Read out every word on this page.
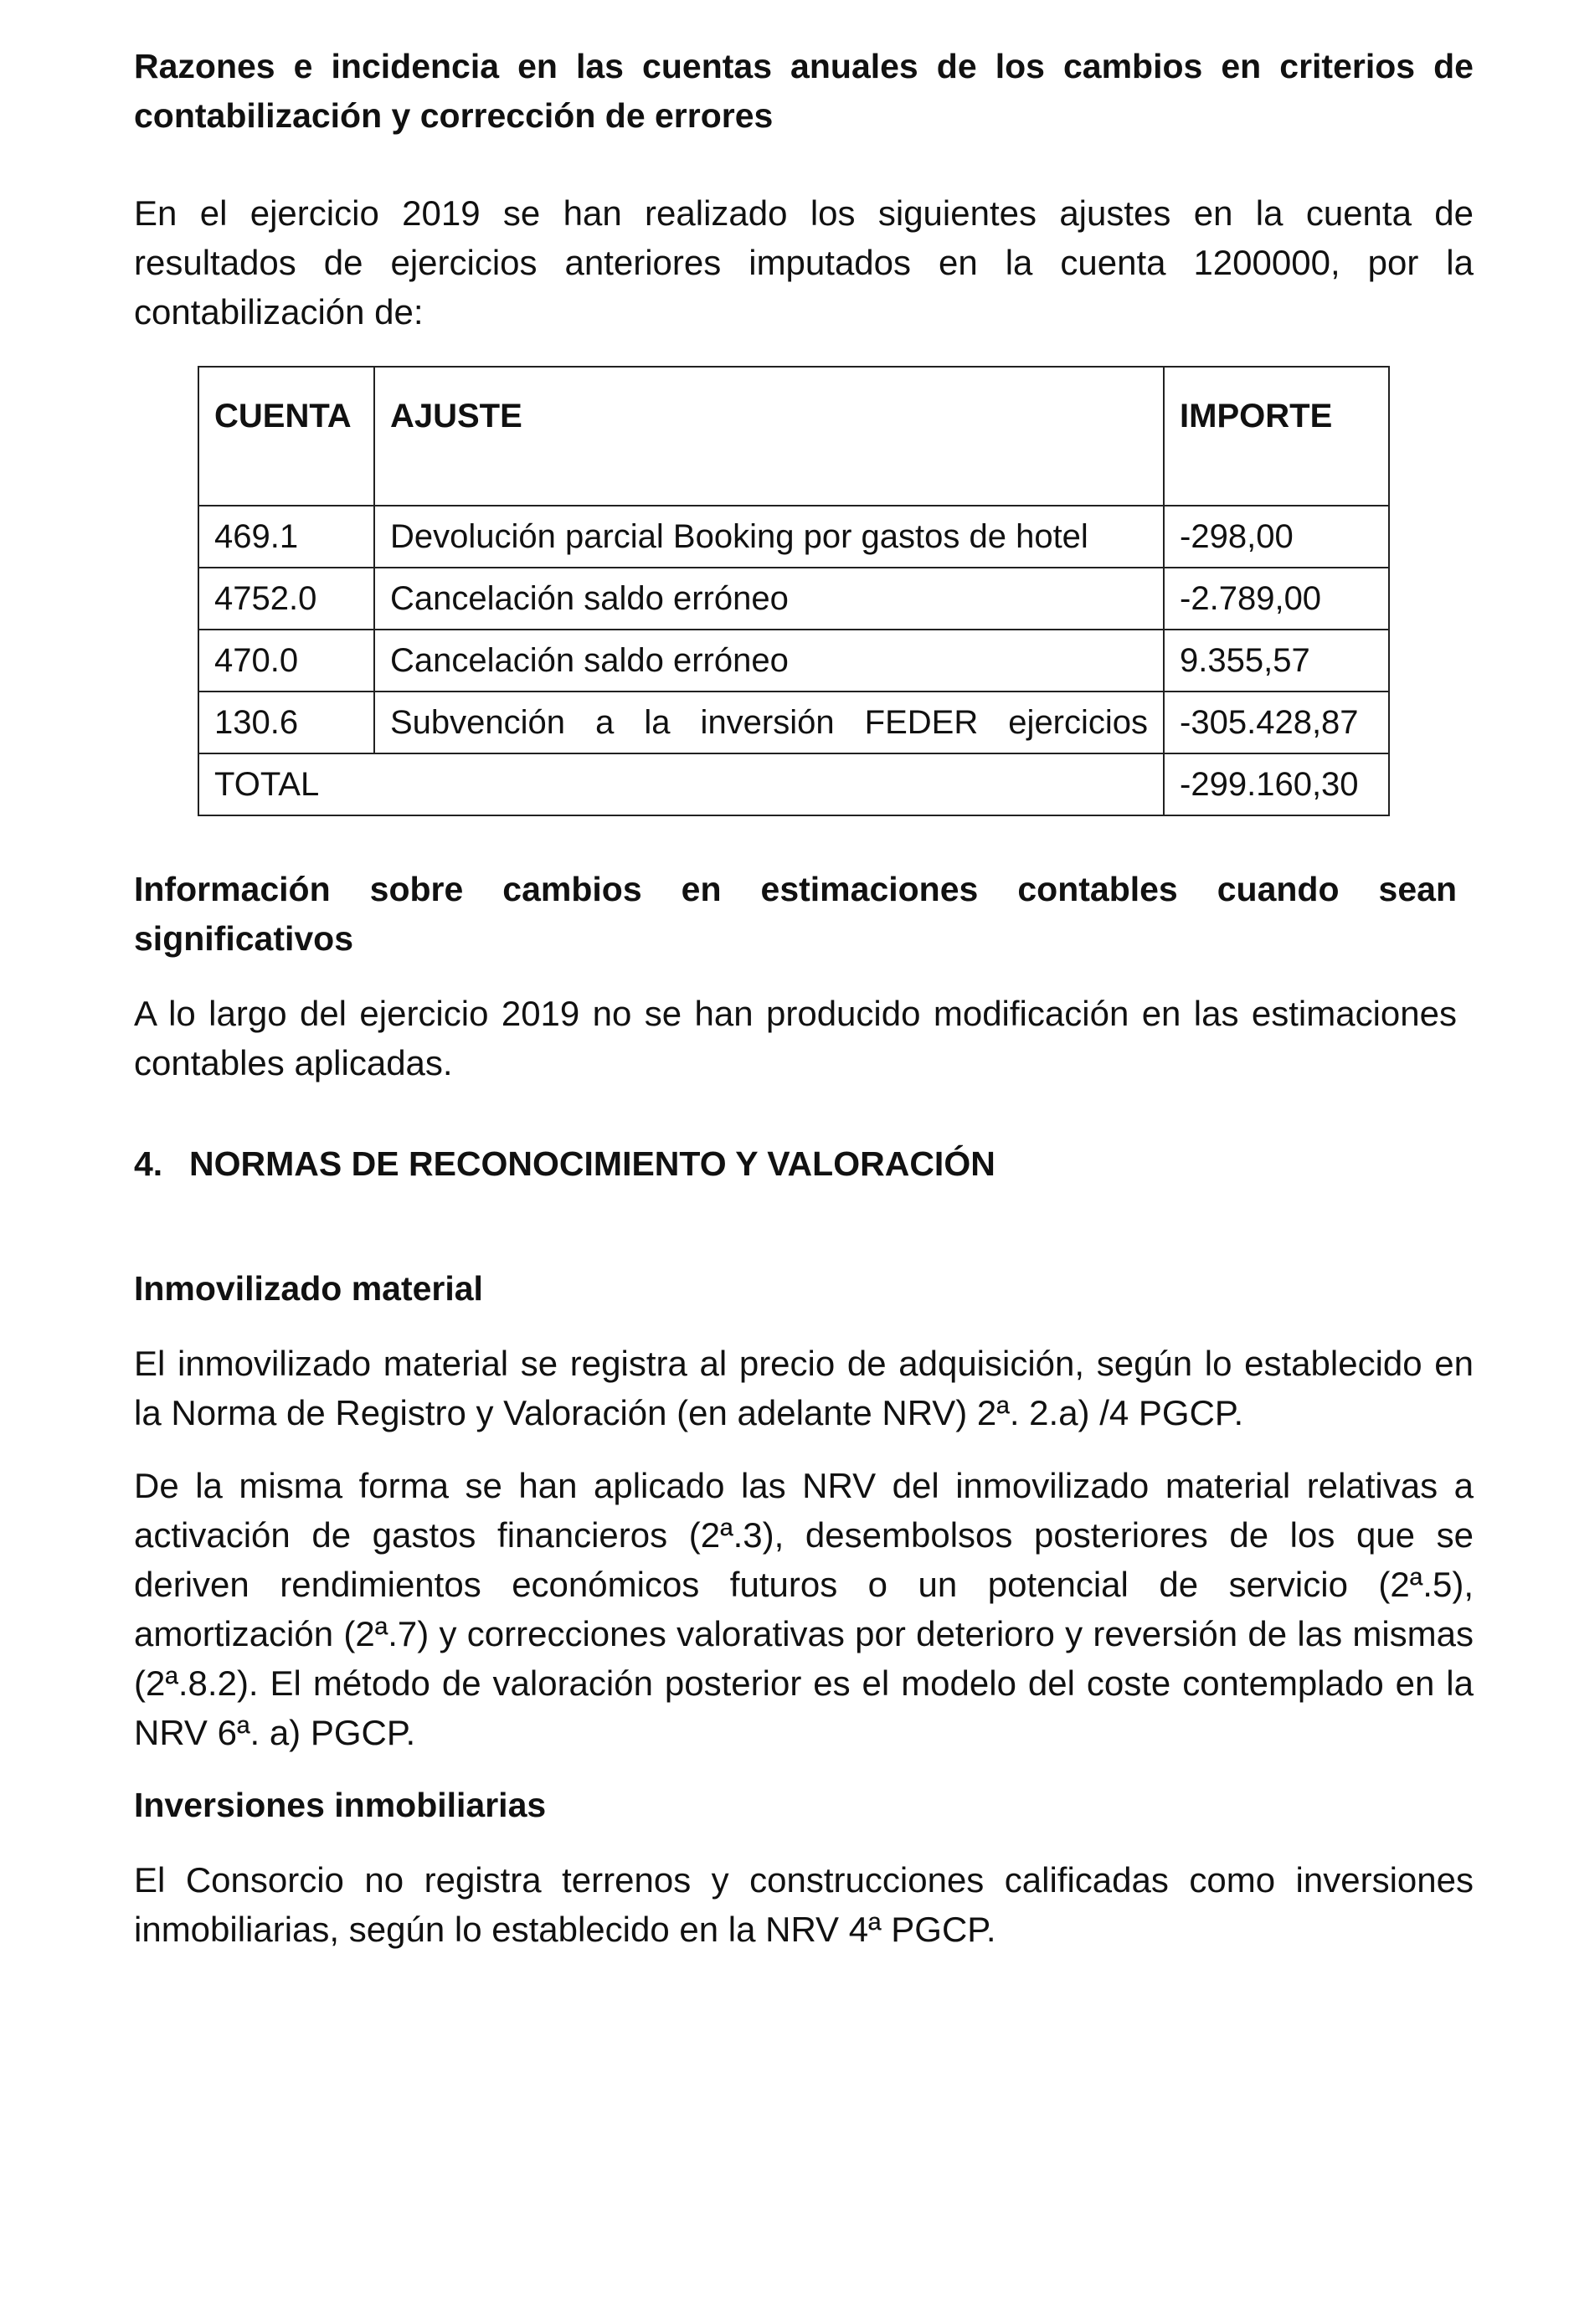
Razones e incidencia en las cuentas anuales de los cambios en criterios de contabilización y corrección de errores

En el ejercicio 2019 se han realizado los siguientes ajustes en la cuenta de resultados de ejercicios anteriores imputados en la cuenta 1200000, por la contabilización de:

CUENTA	AJUSTE	IMPORTE
469.1	Devolución parcial Booking por gastos de hotel	-298,00
4752.0	Cancelación saldo erróneo	-2.789,00
470.0	Cancelación saldo erróneo	9.355,57
130.6	Subvención a la inversión FEDER ejercicios	-305.428,87
TOTAL		-299.160,30

Información sobre cambios en estimaciones contables cuando sean significativos

A lo largo del ejercicio 2019 no se han producido modificación en las estimaciones contables aplicadas.

4. NORMAS DE RECONOCIMIENTO Y VALORACIÓN

Inmovilizado material

El inmovilizado material se registra al precio de adquisición, según lo establecido en la Norma de Registro y Valoración (en adelante NRV) 2ª. 2.a) /4 PGCP.

De la misma forma se han aplicado las NRV del inmovilizado material relativas a activación de gastos financieros (2ª.3), desembolsos posteriores de los que se deriven rendimientos económicos futuros o un potencial de servicio (2ª.5), amortización (2ª.7) y correcciones valorativas por deterioro y reversión de las mismas (2ª.8.2). El método de valoración posterior es el modelo del coste contemplado en la NRV 6ª. a) PGCP.

Inversiones inmobiliarias

El Consorcio no registra terrenos y construcciones calificadas como inversiones inmobiliarias, según lo establecido en la NRV 4ª PGCP.
